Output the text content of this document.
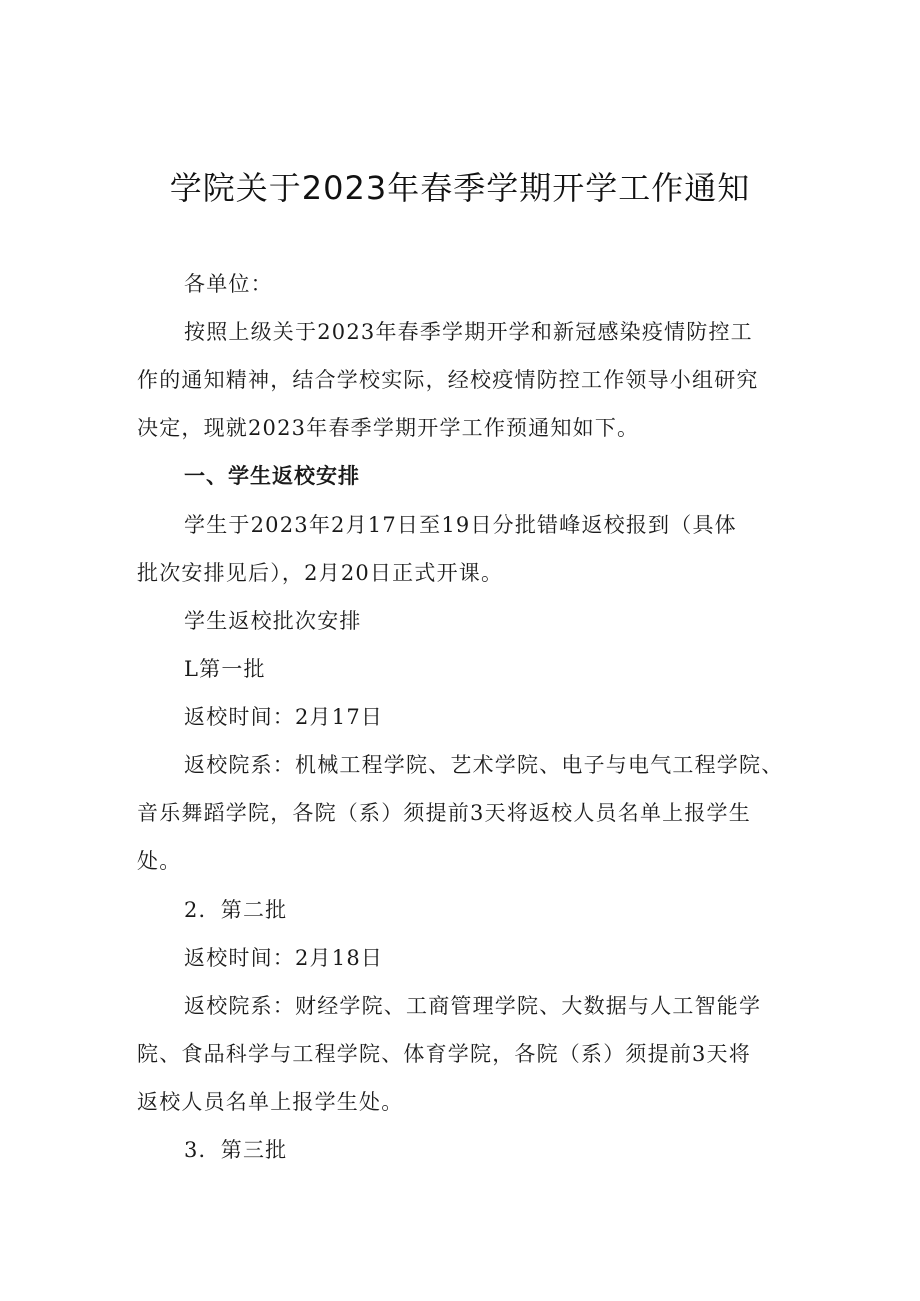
学院关于2023年春季学期开学工作通知

各单位：

按照上级关于2023年春季学期开学和新冠感染疫情防控工

作的通知精神，结合学校实际，经校疫情防控工作领导小组研究

决定，现就2023年春季学期开学工作预通知如下。

一、学生返校安排

学生于2023年2月17日至19日分批错峰返校报到（具体

批次安排见后），2月20日正式开课。

学生返校批次安排

L第一批

返校时间：2月17日

返校院系：机械工程学院、艺术学院、电子与电气工程学院、

音乐舞蹈学院，各院（系）须提前3天将返校人员名单上报学生

处。

2．第二批

返校时间：2月18日

返校院系：财经学院、工商管理学院、大数据与人工智能学

院、食品科学与工程学院、体育学院，各院（系）须提前3天将

返校人员名单上报学生处。

3．第三批
